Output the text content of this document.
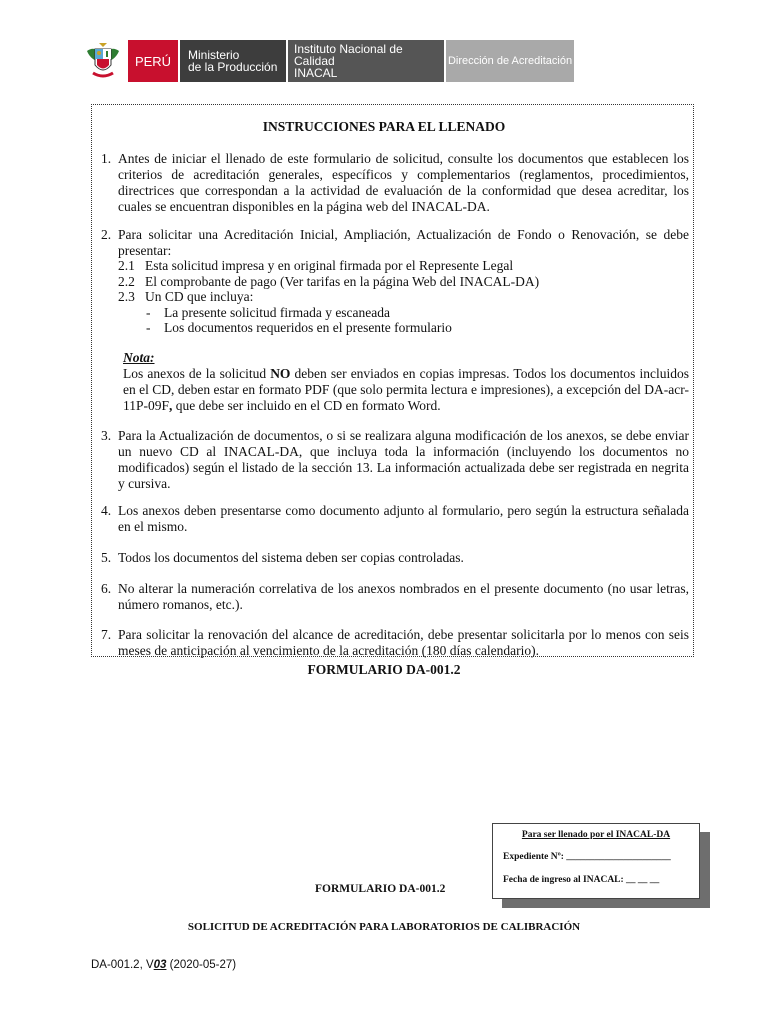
PERÚ Ministerio
de la Producción
Instituto Nacional de Calidad
INACAL
Dirección de Acreditación
INSTRUCCIONES PARA EL LLENADO
1. Antes de iniciar el llenado de este formulario de solicitud, consulte los documentos que establecen los criterios de acreditación generales, específicos y complementarios (reglamentos, procedimientos, directrices que correspondan a la actividad de evaluación de la conformidad que desea acreditar, los cuales se encuentran disponibles en la página web del INACAL-DA.
2. Para solicitar una Acreditación Inicial, Ampliación, Actualización de Fondo o Renovación, se debe presentar:
2.1 Esta solicitud impresa y en original firmada por el Represente Legal
2.2 El comprobante de pago (Ver tarifas en la página Web del INACAL-DA)
2.3 Un CD que incluya:
- La presente solicitud firmada y escaneada
- Los documentos requeridos en el presente formulario
Nota:
Los anexos de la solicitud NO deben ser enviados en copias impresas. Todos los documentos incluidos en el CD, deben estar en formato PDF (que solo permita lectura e impresiones), a excepción del DA-acr-11P-09F, que debe ser incluido en el CD en formato Word.
3. Para la Actualización de documentos, o si se realizara alguna modificación de los anexos, se debe enviar un nuevo CD al INACAL-DA, que incluya toda la información (incluyendo los documentos no modificados) según el listado de la sección 13. La información actualizada debe ser registrada en negrita y cursiva.
4. Los anexos deben presentarse como documento adjunto al formulario, pero según la estructura señalada en el mismo.
5. Todos los documentos del sistema deben ser copias controladas.
6. No alterar la numeración correlativa de los anexos nombrados en el presente documento (no usar letras, número romanos, etc.).
7. Para solicitar la renovación del alcance de acreditación, debe presentar solicitarla por lo menos con seis meses de anticipación al vencimiento de la acreditación (180 días calendario).
FORMULARIO DA-001.2
Para ser llenado por el INACAL-DA
Expediente Nº: ______________________
Fecha de ingreso al INACAL: __ __ __
FORMULARIO DA-001.2
SOLICITUD DE ACREDITACIÓN PARA LABORATORIOS DE CALIBRACIÓN
DA-001.2, V03 (2020-05-27)
